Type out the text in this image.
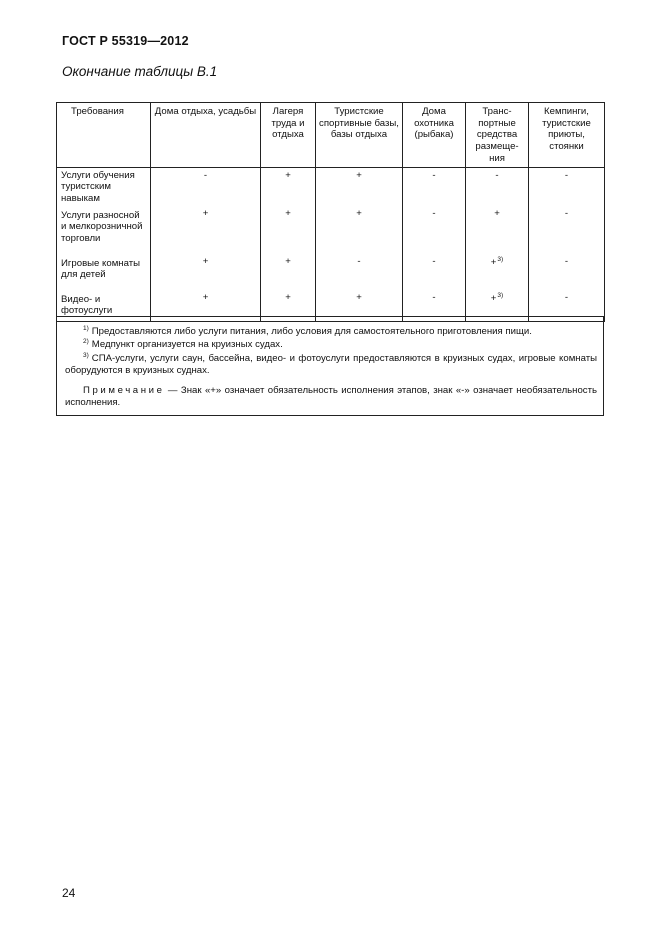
ГОСТ Р 55319—2012
Окончание таблицы В.1
Требования	Дома отдыха, усадьбы	Лагеря труда и отдыха	Туристские спортивные базы, базы отдыха	Дома охотника (рыбака)	Транс- портные средства размеще- ния	Кемпинги, туристские приюты, стоянки
Услуги обучения туристским навыкам	-	+	+	-	-	-
Услуги разносной и мелкорозничной торговли	+	+	+	-	+	-
Игровые комнаты для детей	+	+	-	-	+$^{3)}$	-
Видео- и фотоуслуги	+	+	+	-	+$^{3)}$	-

$^{1)}$ Предоставляются либо услуги питания, либо условия для самостоятельного приготовления пищи.

$^{2)}$ Медпункт организуется на круизных судах.

$^{3)}$ СПА-услуги, услуги саун, бассейна, видео- и фотоуслуги предоставляются в круизных судах, игровые комнаты оборудуются в круизных суднах.

Примечание — Знак «+» означает обязательность исполнения этапов, знак «-» означает необязательность исполнения.

24
